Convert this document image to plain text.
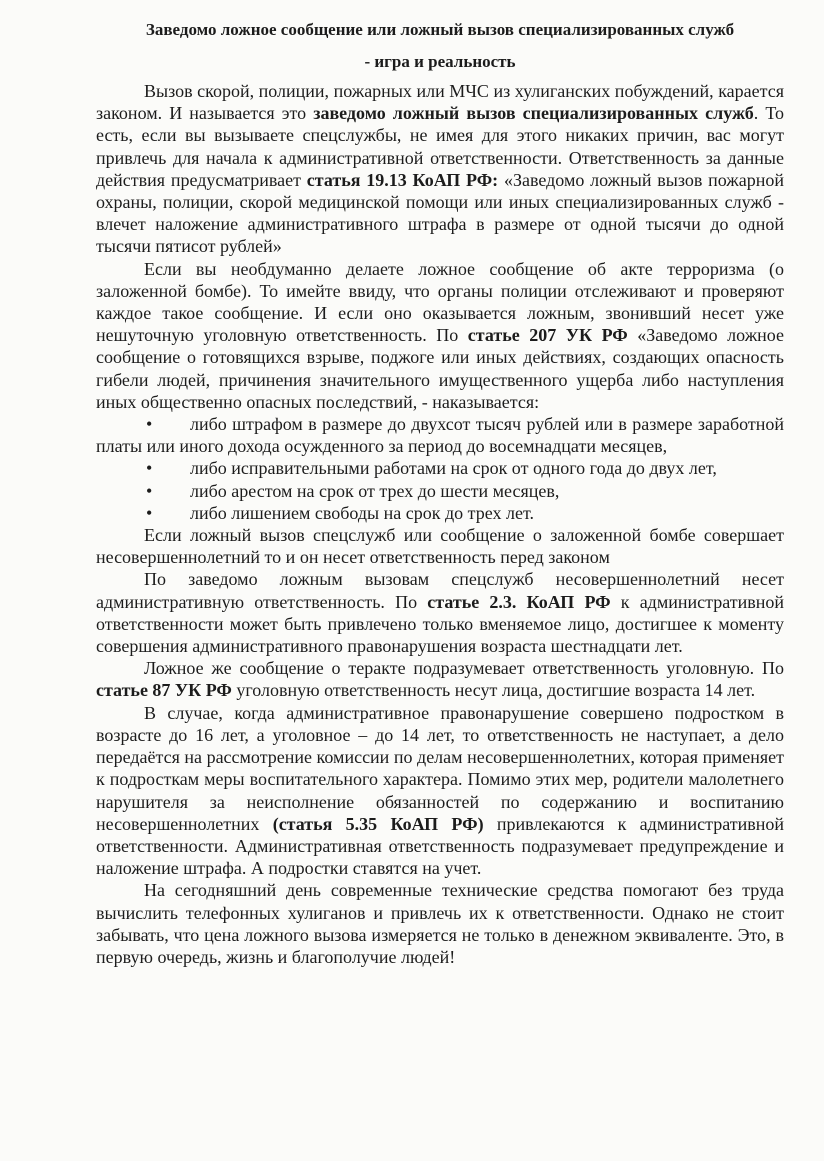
Заведомо ложное сообщение или ложный вызов специализированных служб
- игра и реальность

Вызов скорой, полиции, пожарных или МЧС из хулиганских побуждений, карается законом. И называется это заведомо ложный вызов специализированных служб. То есть, если вы вызываете спецслужбы, не имея для этого никаких причин, вас могут привлечь для начала к административной ответственности. Ответственность за данные действия предусматривает статья 19.13 КоАП РФ: «Заведомо ложный вызов пожарной охраны, полиции, скорой медицинской помощи или иных специализированных служб - влечет наложение административного штрафа в размере от одной тысячи до одной тысячи пятисот рублей»

Если вы необдуманно делаете ложное сообщение об акте терроризма (о заложенной бомбе). То имейте ввиду, что органы полиции отслеживают и проверяют каждое такое сообщение. И если оно оказывается ложным, звонивший несет уже нешуточную уголовную ответственность. По статье 207 УК РФ «Заведомо ложное сообщение о готовящихся взрыве, поджоге или иных действиях, создающих опасность гибели людей, причинения значительного имущественного ущерба либо наступления иных общественно опасных последствий, - наказывается:

• либо штрафом в размере до двухсот тысяч рублей или в размере заработной платы или иного дохода осужденного за период до восемнадцати месяцев,
• либо исправительными работами на срок от одного года до двух лет,
• либо арестом на срок от трех до шести месяцев,
• либо лишением свободы на срок до трех лет.

Если ложный вызов спецслужб или сообщение о заложенной бомбе совершает несовершеннолетний то и он несет ответственность перед законом

По заведомо ложным вызовам спецслужб несовершеннолетний несет административную ответственность. По статье 2.3. КоАП РФ к административной ответственности может быть привлечено только вменяемое лицо, достигшее к моменту совершения административного правонарушения возраста шестнадцати лет.

Ложное же сообщение о теракте подразумевает ответственность уголовную. По статье 87 УК РФ уголовную ответственность несут лица, достигшие возраста 14 лет.

В случае, когда административное правонарушение совершено подростком в возрасте до 16 лет, а уголовное – до 14 лет, то ответственность не наступает, а дело передаётся на рассмотрение комиссии по делам несовершеннолетних, которая применяет к подросткам меры воспитательного характера. Помимо этих мер, родители малолетнего нарушителя за неисполнение обязанностей по содержанию и воспитанию несовершеннолетних (статья 5.35 КоАП РФ) привлекаются к административной ответственности. Административная ответственность подразумевает предупреждение и наложение штрафа. А подростки ставятся на учет.

На сегодняшний день современные технические средства помогают без труда вычислить телефонных хулиганов и привлечь их к ответственности. Однако не стоит забывать, что цена ложного вызова измеряется не только в денежном эквиваленте. Это, в первую очередь, жизнь и благополучие людей!
